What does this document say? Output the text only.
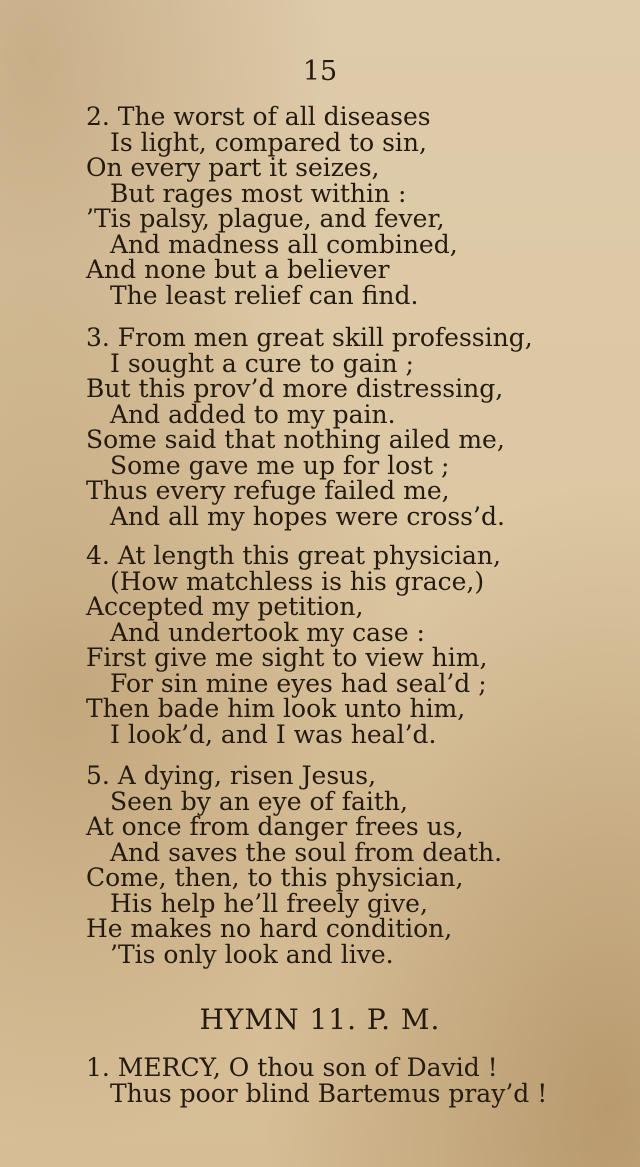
15
2. The worst of all diseases
Is light, compared to sin,
On every part it seizes,
But rages most within :
’Tis palsy, plague, and fever,
And madness all combined,
And none but a believer
The least relief can find.
3. From men great skill professing,
I sought a cure to gain ;
But this prov’d more distressing,
And added to my pain.
Some said that nothing ailed me,
Some gave me up for lost ;
Thus every refuge failed me,
And all my hopes were cross’d.
4. At length this great physician,
(How matchless is his grace,)
Accepted my petition,
And undertook my case :
First give me sight to view him,
For sin mine eyes had seal’d ;
Then bade him look unto him,
I look’d, and I was heal’d.
5. A dying, risen Jesus,
Seen by an eye of faith,
At once from danger frees us,
And saves the soul from death.
Come, then, to this physician,
His help he’ll freely give,
He makes no hard condition,
’Tis only look and live.
HYMN 11. P. M.
1. MERCY, O thou son of David !
Thus poor blind Bartemus pray’d !
